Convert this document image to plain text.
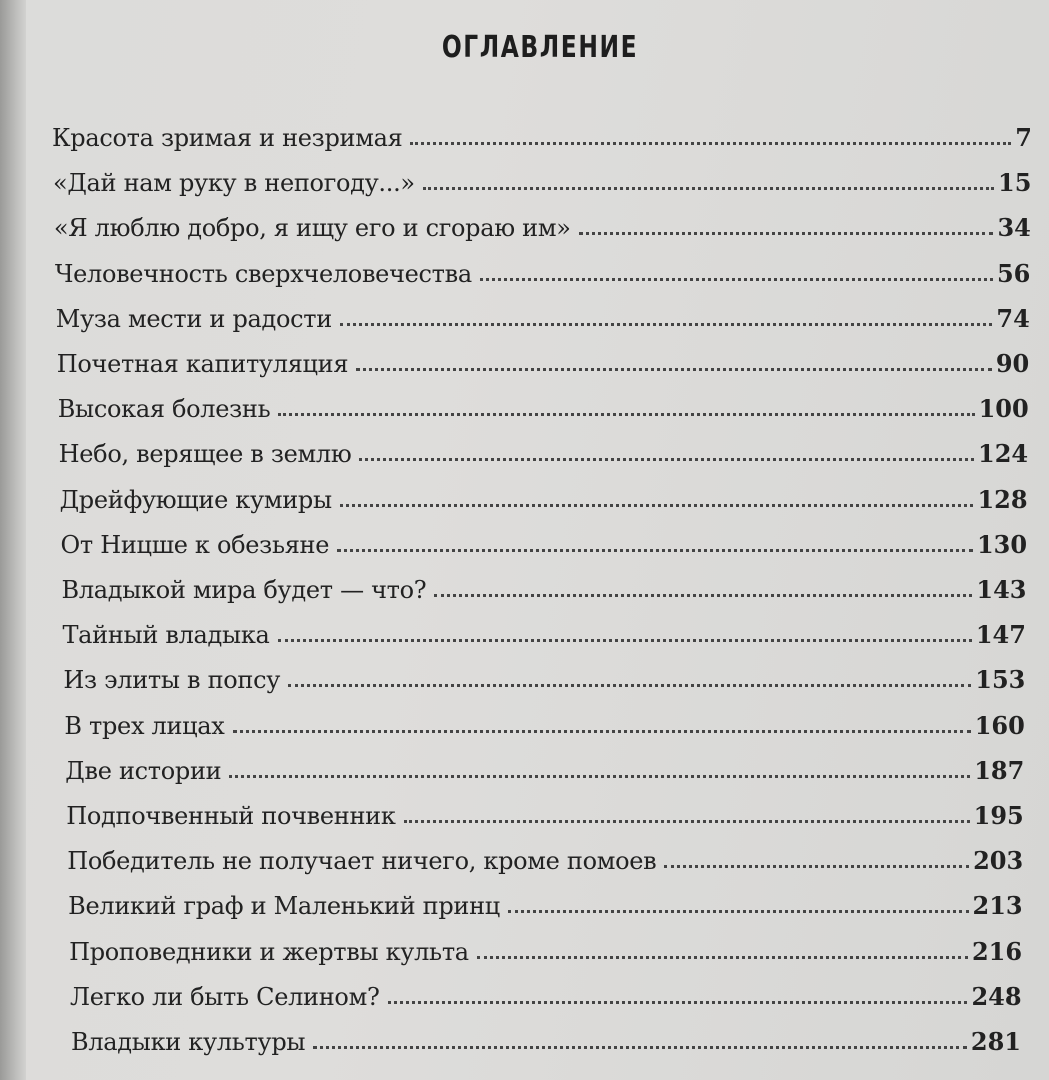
ОГЛАВЛЕНИЕ
Красота зримая и незримая	7
«Дай нам руку в непогоду...»	15
«Я люблю добро, я ищу его и сгораю им»	34
Человечность сверхчеловечества	56
Муза мести и радости	74
Почетная капитуляция	90
Высокая болезнь	100
Небо, верящее в землю	124
Дрейфующие кумиры	128
От Ницше к обезьяне	130
Владыкой мира будет — что?	143
Тайный владыка	147
Из элиты в попсу	153
В трех лицах	160
Две истории	187
Подпочвенный почвенник	195
Победитель не получает ничего, кроме помоев	203
Великий граф и Маленький принц	213
Проповедники и жертвы культа	216
Легко ли быть Селином?	248
Владыки культуры	281
